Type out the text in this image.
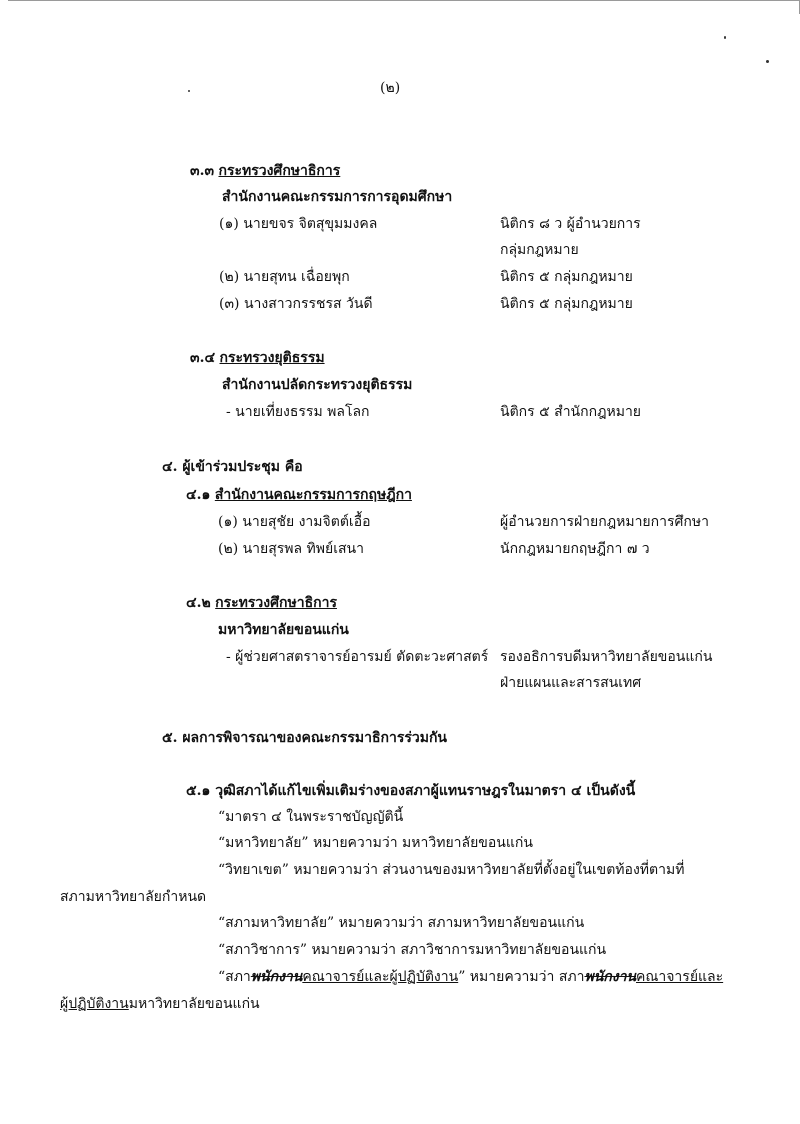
(๒)
๓.๓ กระทรวงศึกษาธิการ
สำนักงานคณะกรรมการการอุดมศึกษา
(๑) นายขจร จิตสุขุมมงคล	นิติกร ๘ ว ผู้อำนวยการ
กลุ่มกฎหมาย
(๒) นายสุทน เฉื่อยพุก	นิติกร ๕ กลุ่มกฎหมาย
(๓) นางสาวกรรชรส วันดี	นิติกร ๕ กลุ่มกฎหมาย
๓.๔ กระทรวงยุติธรรม
สำนักงานปลัดกระทรวงยุติธรรม
- นายเที่ยงธรรม พลโลก	นิติกร ๕ สำนักกฎหมาย
๔. ผู้เข้าร่วมประชุม คือ
๔.๑ สำนักงานคณะกรรมการกฤษฎีกา
(๑) นายสุชัย งามจิตต์เอื้อ	ผู้อำนวยการฝ่ายกฎหมายการศึกษา
(๒) นายสุรพล ทิพย์เสนา	นักกฎหมายกฤษฎีกา ๗ ว
๔.๒ กระทรวงศึกษาธิการ
มหาวิทยาลัยขอนแก่น
- ผู้ช่วยศาสตราจารย์อารมย์ ตัดตะวะศาสตร์ รองอธิการบดีมหาวิทยาลัยขอนแก่น
ฝ่ายแผนและสารสนเทศ
๕. ผลการพิจารณาของคณะกรรมาธิการร่วมกัน
๕.๑ วุฒิสภาได้แก้ไขเพิ่มเติมร่างของสภาผู้แทนราษฎรในมาตรา ๔ เป็นดังนี้
“มาตรา ๔ ในพระราชบัญญัตินี้
“มหาวิทยาลัย” หมายความว่า มหาวิทยาลัยขอนแก่น
“วิทยาเขต” หมายความว่า ส่วนงานของมหาวิทยาลัยที่ตั้งอยู่ในเขตท้องที่ตามที่
สภามหาวิทยาลัยกำหนด
“สภามหาวิทยาลัย” หมายความว่า สภามหาวิทยาลัยขอนแก่น
“สภาวิชาการ” หมายความว่า สภาวิชาการมหาวิทยาลัยขอนแก่น
“สภาพนักงานคณาจารย์และผู้ปฏิบัติงาน” หมายความว่า สภาพนักงานคณาจารย์และ
ผู้ปฏิบัติงานมหาวิทยาลัยขอนแก่น
